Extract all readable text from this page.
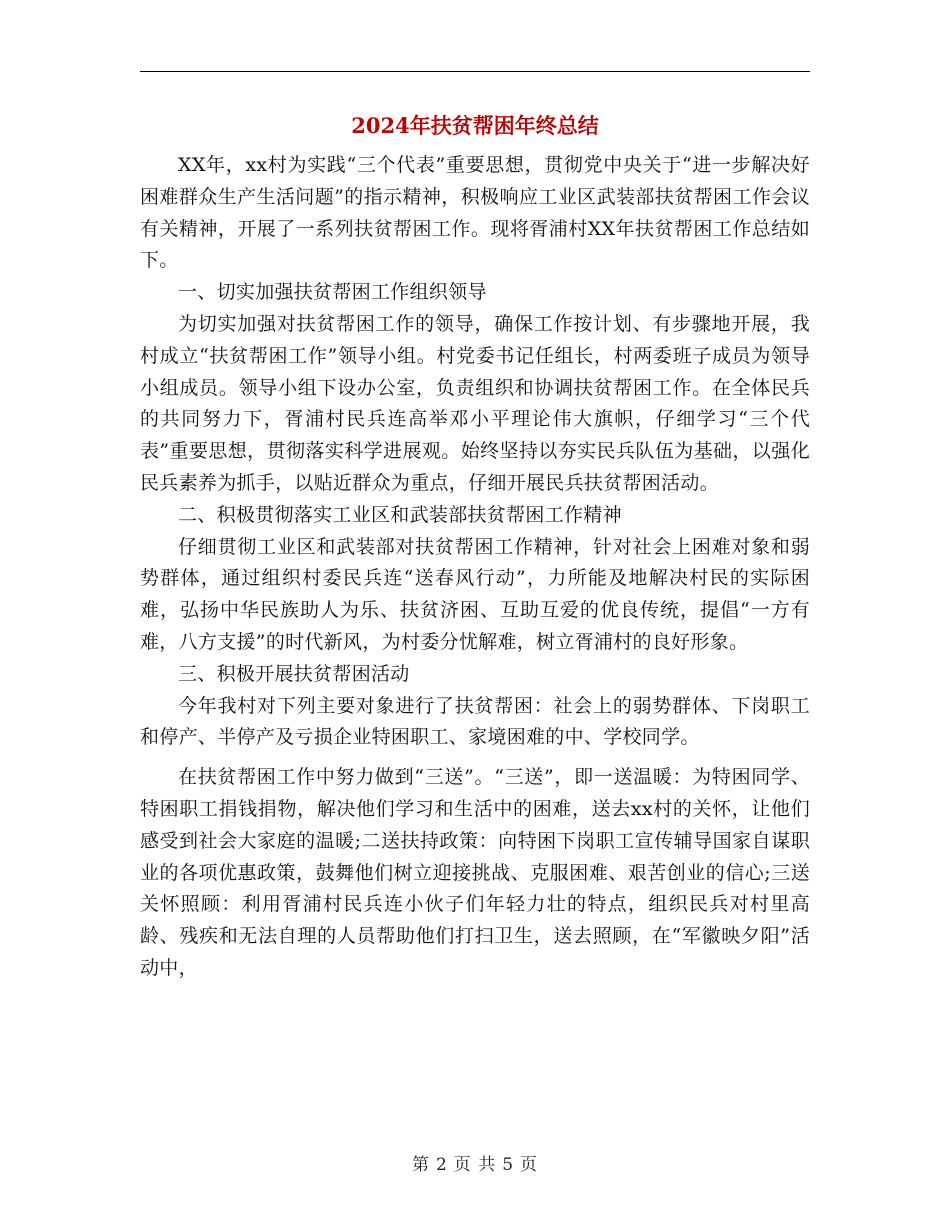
2024年扶贫帮困年终总结

XX年，xx村为实践“三个代表”重要思想，贯彻党中央关于“进一步解决好困难群众生产生活问题”的指示精神，积极响应工业区武装部扶贫帮困工作会议有关精神，开展了一系列扶贫帮困工作。现将胥浦村XX年扶贫帮困工作总结如下。

一、切实加强扶贫帮困工作组织领导

为切实加强对扶贫帮困工作的领导，确保工作按计划、有步骤地开展，我村成立“扶贫帮困工作”领导小组。村党委书记任组长，村两委班子成员为领导小组成员。领导小组下设办公室，负责组织和协调扶贫帮困工作。在全体民兵的共同努力下，胥浦村民兵连高举邓小平理论伟大旗帜，仔细学习“三个代表”重要思想，贯彻落实科学进展观。始终坚持以夯实民兵队伍为基础，以强化民兵素养为抓手，以贴近群众为重点，仔细开展民兵扶贫帮困活动。

二、积极贯彻落实工业区和武装部扶贫帮困工作精神

仔细贯彻工业区和武装部对扶贫帮困工作精神，针对社会上困难对象和弱势群体，通过组织村委民兵连“送春风行动”，力所能及地解决村民的实际困难，弘扬中华民族助人为乐、扶贫济困、互助互爱的优良传统，提倡“一方有难，八方支援”的时代新风，为村委分忧解难，树立胥浦村的良好形象。

三、积极开展扶贫帮困活动

今年我村对下列主要对象进行了扶贫帮困：社会上的弱势群体、下岗职工和停产、半停产及亏损企业特困职工、家境困难的中、学校同学。

在扶贫帮困工作中努力做到“三送”。“三送”，即一送温暖：为特困同学、特困职工捐钱捐物，解决他们学习和生活中的困难，送去xx村的关怀，让他们感受到社会大家庭的温暖;二送扶持政策：向特困下岗职工宣传辅导国家自谋职业的各项优惠政策，鼓舞他们树立迎接挑战、克服困难、艰苦创业的信心;三送关怀照顾：利用胥浦村民兵连小伙子们年轻力壮的特点，组织民兵对村里高龄、残疾和无法自理的人员帮助他们打扫卫生，送去照顾，在“军徽映夕阳”活动中，

第 2 页 共 5 页
